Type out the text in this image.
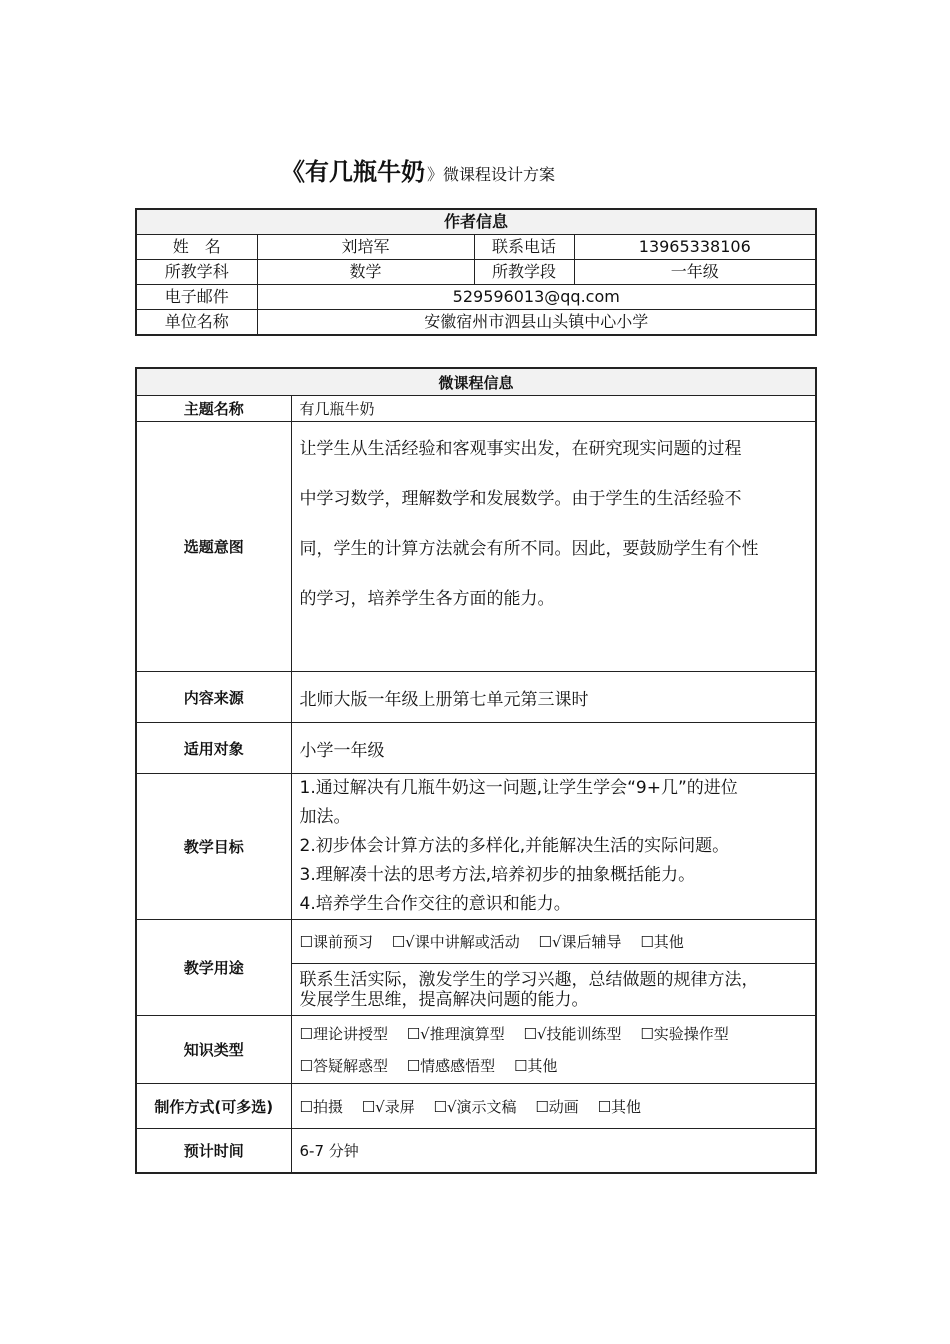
《有几瓶牛奶 》微课程设计方案
作者信息			
姓　名	刘培军	联系电话	13965338106
所教学科	数学	所教学段	一年级
电子邮件	529596013@qq.com		
单位名称	安徽宿州市泗县山头镇中心小学		
微课程信息	
主题名称	有几瓶牛奶
选题意图	让学生从生活经验和客观事实出发，在研究现实问题的过程
中学习数学，理解数学和发展数学。由于学生的生活经验不
同，学生的计算方法就会有所不同。因此，要鼓励学生有个性
的学习，培养学生各方面的能力。

内容来源	北师大版一年级上册第七单元第三课时
适用对象	小学一年级
教学目标	1.通过解决有几瓶牛奶这一问题,让学生学会“9+几”的进位
加法。
2.初步体会计算方法的多样化,并能解决生活的实际问题。
3.理解凑十法的思考方法,培养初步的抽象概括能力。
4.培养学生合作交往的意识和能力。

教学用途	☐课前预习 ☐√课中讲解或活动 ☐√课后辅导 ☐其他

	联系生活实际，激发学生的学习兴趣，总结做题的规律方法，
发展学生思维，提高解决问题的能力。

知识类型	☐理论讲授型 ☐√推理演算型 ☐√技能训练型 ☐实验操作型
☐答疑解惑型 ☐情感感悟型 ☐其他

制作方式(可多选)	☐拍摄 ☐√录屏 ☐√演示文稿 ☐动画 ☐其他
预计时间	6-7 分钟
